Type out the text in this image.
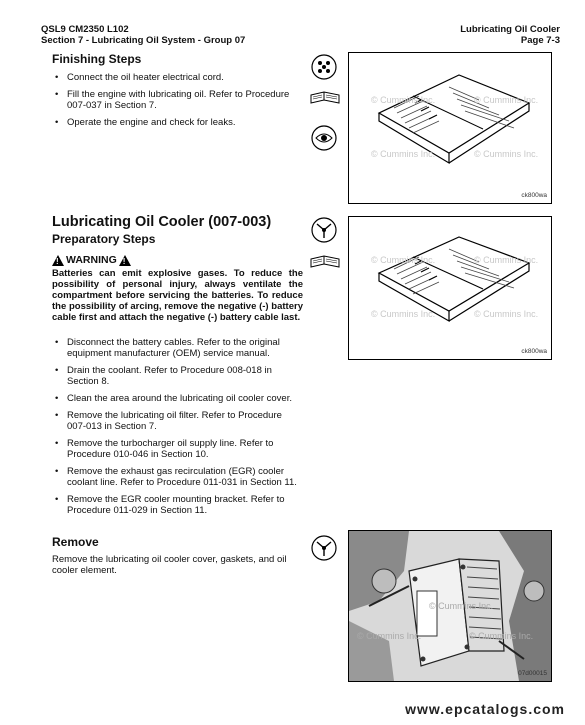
QSL9 CM2350 L102
Section 7 - Lubricating Oil System - Group 07
Lubricating Oil Cooler
Page 7-3
Finishing Steps
• Connect the oil heater electrical cord.
• Fill the engine with lubricating oil. Refer to Procedure 007-037 in Section 7.
• Operate the engine and check for leaks.
© Cummins Inc.	© Cummins Inc.
© Cummins Inc.	© Cummins Inc.
ck800wa
Lubricating Oil Cooler (007-003)
Preparatory Steps
!
WARNING
!
Batteries can emit explosive gases. To reduce the possibility of personal injury, always ventilate the compartment before servicing the batteries. To reduce the possibility of arcing, remove the negative (-) battery cable first and attach the negative (-) battery cable last.
• Disconnect the battery cables. Refer to the original equipment manufacturer (OEM) service manual.
• Drain the coolant. Refer to Procedure 008-018 in Section 8.
• Clean the area around the lubricating oil cooler cover.
• Remove the lubricating oil filter. Refer to Procedure 007-013 in Section 7.
• Remove the turbocharger oil supply line. Refer to Procedure 010-046 in Section 10.
• Remove the exhaust gas recirculation (EGR) cooler coolant line. Refer to Procedure 011-031 in Section 11.
• Remove the EGR cooler mounting bracket. Refer to Procedure 011-029 in Section 11.
© Cummins Inc.	© Cummins Inc.
© Cummins Inc.	© Cummins Inc.
ck800wa
Remove
Remove the lubricating oil cooler cover, gaskets, and oil cooler element.
© Cummins Inc.
© Cummins Inc.	© Cummins Inc.
07d00015
www.epcatalogs.com
